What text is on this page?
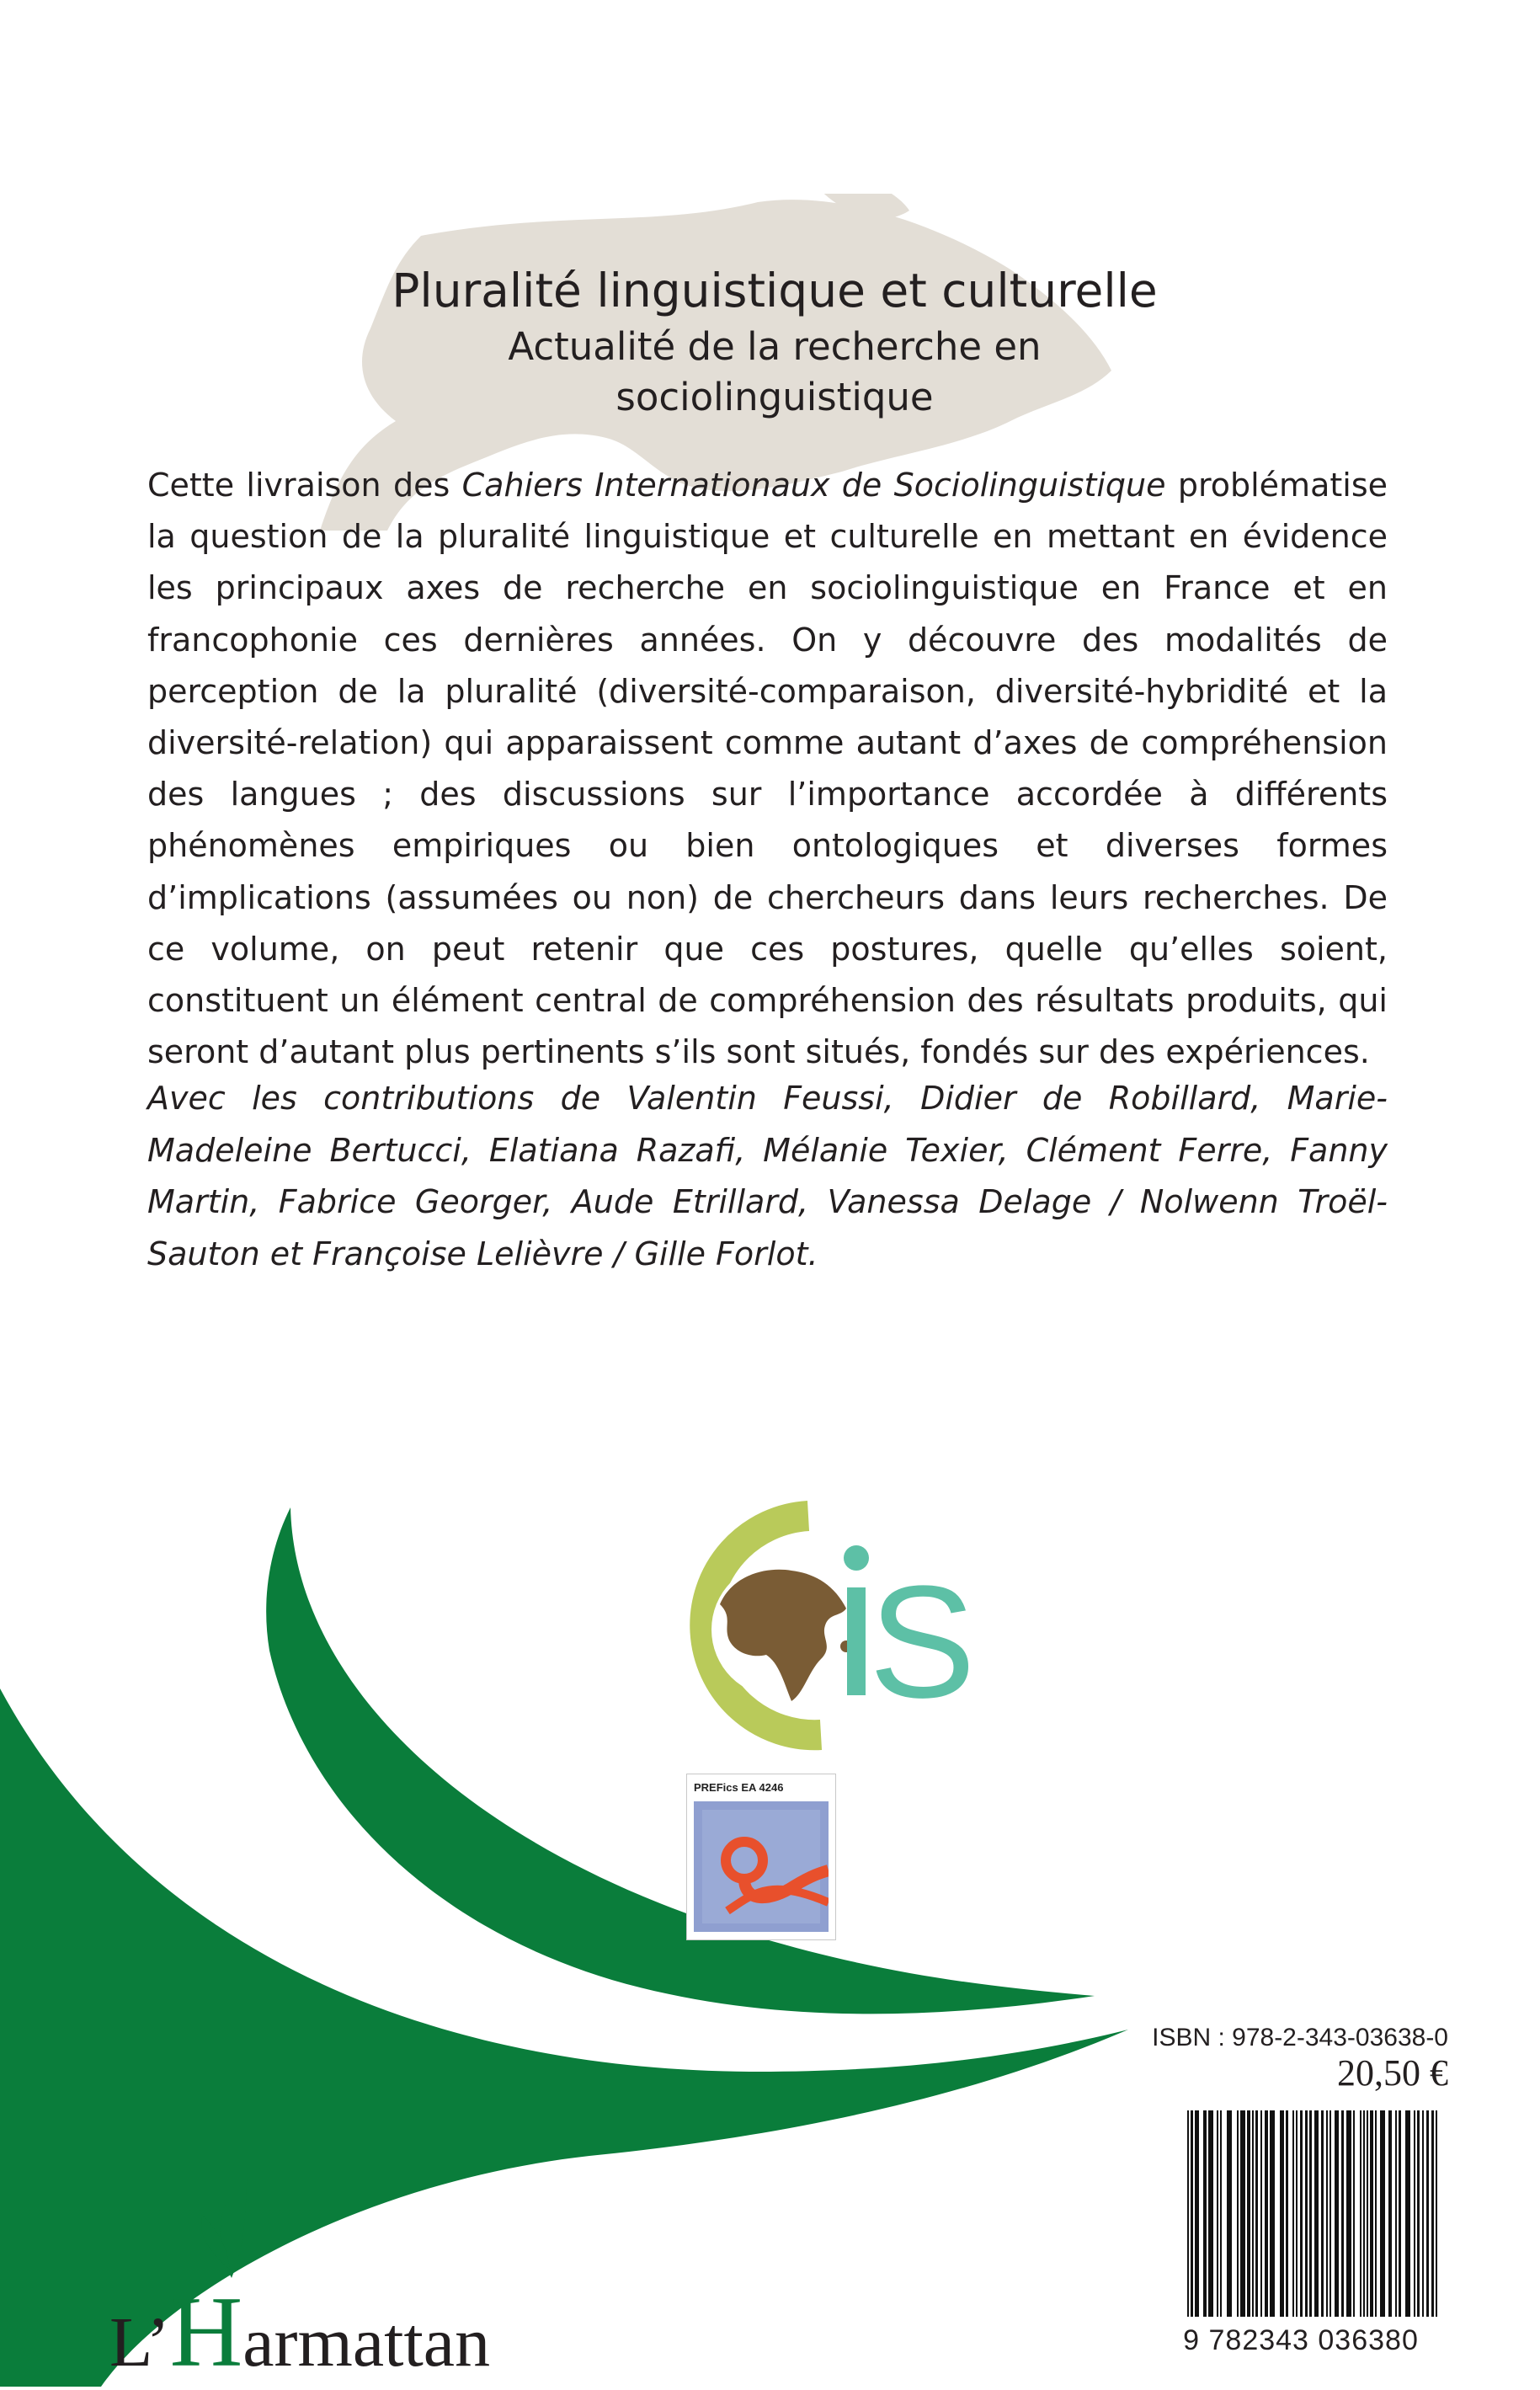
Pluralité linguistique et culturelle
Actualité de la recherche en sociolinguistique

Cette livraison des Cahiers Internationaux de Sociolinguistique problématise la question de la pluralité linguistique et culturelle en mettant en évidence les principaux axes de recherche en sociolinguistique en France et en francophonie ces dernières années. On y découvre des modalités de perception de la pluralité (diversité-comparaison, diversité-hybridité et la diversité-relation) qui apparaissent comme autant d’axes de compréhension des langues ; des discussions sur l’importance accordée à différents phénomènes empiriques ou bien ontologiques et diverses formes d’implications (assumées ou non) de chercheurs dans leurs recherches. De ce volume, on peut retenir que ces postures, quelle qu’elles soient, constituent un élément central de compréhension des résultats produits, qui seront d’autant plus pertinents s’ils sont situés, fondés sur des expériences.

Avec les contributions de Valentin Feussi, Didier de Robillard, Marie-Madeleine Bertucci, Elatiana Razafi, Mélanie Texier, Clément Ferre, Fanny Martin, Fabrice Georger, Aude Etrillard, Vanessa Delage / Nolwenn Troël-Sauton et Françoise Lelièvre / Gille Forlot.

S
PREFics EA 4246
ISBN : 978-2-343-03638-0
20,50 €
9 782343 036380
L’Harmattan
